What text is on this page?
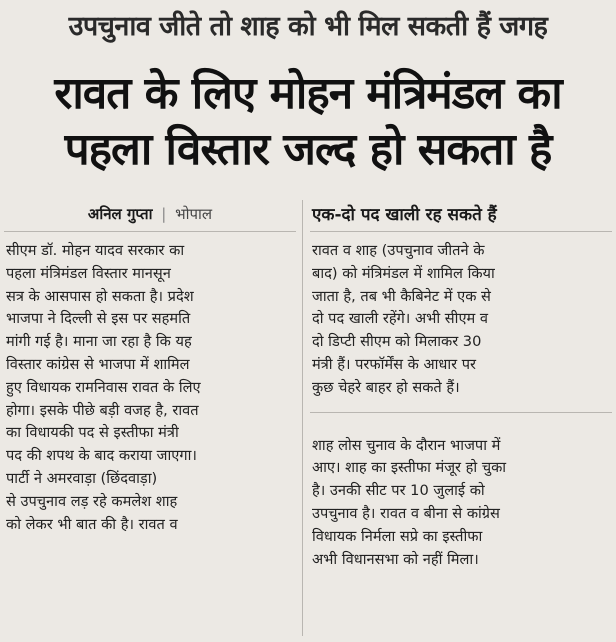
उपचुनाव जीते तो शाह को भी मिल सकती हैं जगह
रावत के लिए मोहन मंत्रिमंडल का
पहला विस्तार जल्द हो सकता है
अनिल गुप्ता | भोपाल
सीएम डॉ. मोहन यादव सरकार का
पहला मंत्रिमंडल विस्तार मानसून
सत्र के आसपास हो सकता है। प्रदेश
भाजपा ने दिल्ली से इस पर सहमति
मांगी गई है। माना जा रहा है कि यह
विस्तार कांग्रेस से भाजपा में शामिल
हुए विधायक रामनिवास रावत के लिए
होगा। इसके पीछे बड़ी वजह है, रावत
का विधायकी पद से इस्तीफा मंत्री
पद की शपथ के बाद कराया जाएगा।
पार्टी ने अमरवाड़ा (छिंदवाड़ा)
से उपचुनाव लड़ रहे कमलेश शाह
को लेकर भी बात की है। रावत व
एक-दो पद खाली रह सकते हैं
रावत व शाह (उपचुनाव जीतने के
बाद) को मंत्रिमंडल में शामिल किया
जाता है, तब भी कैबिनेट में एक से
दो पद खाली रहेंगे। अभी सीएम व
दो डिप्टी सीएम को मिलाकर 30
मंत्री हैं। परफॉर्मेंस के आधार पर
कुछ चेहरे बाहर हो सकते हैं।
शाह लोस चुनाव के दौरान भाजपा में
आए। शाह का इस्तीफा मंजूर हो चुका
है। उनकी सीट पर 10 जुलाई को
उपचुनाव है। रावत व बीना से कांग्रेस
विधायक निर्मला सप्रे का इस्तीफा
अभी विधानसभा को नहीं मिला।
